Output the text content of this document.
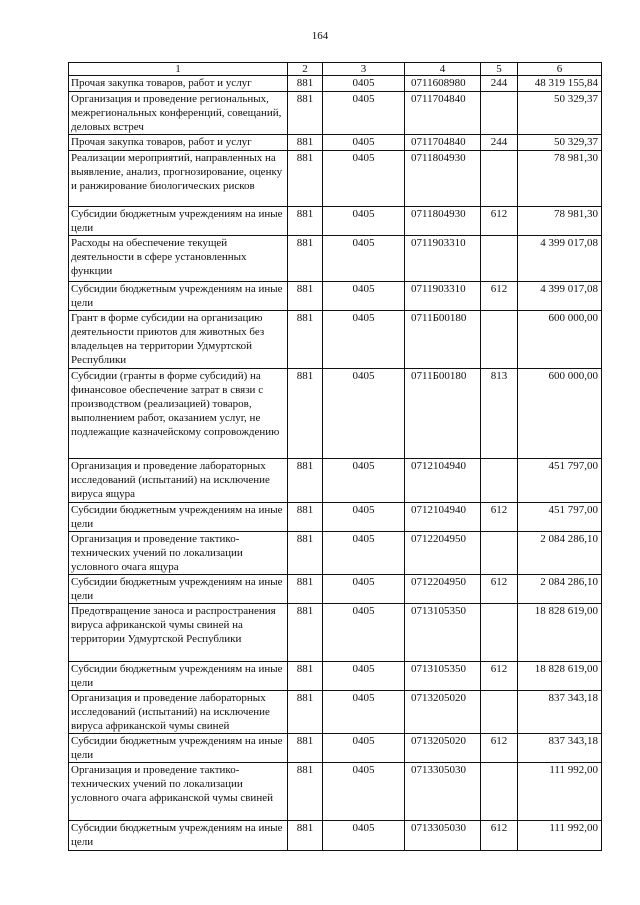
164
1	2	3	4	5	6
Прочая закупка товаров, работ и услуг	881	0405	0711608980	244	48 319 155,84
Организация и проведение региональных, межрегиональных конференций, совещаний, деловых встреч	881	0405	0711704840		50 329,37
Прочая закупка товаров, работ и услуг	881	0405	0711704840	244	50 329,37
Реализации мероприятий, направленных на выявление, анализ, прогнозирование, оценку и ранжирование биологических рисков	881	0405	0711804930		78 981,30
Субсидии бюджетным учреждениям на иные цели	881	0405	0711804930	612	78 981,30
Расходы на обеспечение текущей деятельности в сфере установленных функции	881	0405	0711903310		4 399 017,08
Субсидии бюджетным учреждениям на иные цели	881	0405	0711903310	612	4 399 017,08
Грант в форме субсидии на организацию деятельности приютов для животных без владельцев на территории Удмуртской Республики	881	0405	0711Б00180		600 000,00
Субсидии (гранты в форме субсидий) на финансовое обеспечение затрат в связи с производством (реализацией) товаров, выполнением работ, оказанием услуг, не подлежащие казначейскому сопровождению	881	0405	0711Б00180	813	600 000,00
Организация и проведение лабораторных исследований (испытаний) на исключение вируса ящура	881	0405	0712104940		451 797,00
Субсидии бюджетным учреждениям на иные цели	881	0405	0712104940	612	451 797,00
Организация и проведение тактико-технических учений по локализации условного очага ящура	881	0405	0712204950		2 084 286,10
Субсидии бюджетным учреждениям на иные цели	881	0405	0712204950	612	2 084 286,10
Предотвращение заноса и распространения вируса африканской чумы свиней на территории Удмуртской Республики	881	0405	0713105350		18 828 619,00
Субсидии бюджетным учреждениям на иные цели	881	0405	0713105350	612	18 828 619,00
Организация и проведение лабораторных исследований (испытаний) на исключение вируса африканской чумы свиней	881	0405	0713205020		837 343,18
Субсидии бюджетным учреждениям на иные цели	881	0405	0713205020	612	837 343,18
Организация и проведение тактико-технических учений по локализации условного очага африканской чумы свиней	881	0405	0713305030		111 992,00
Субсидии бюджетным учреждениям на иные цели	881	0405	0713305030	612	111 992,00
